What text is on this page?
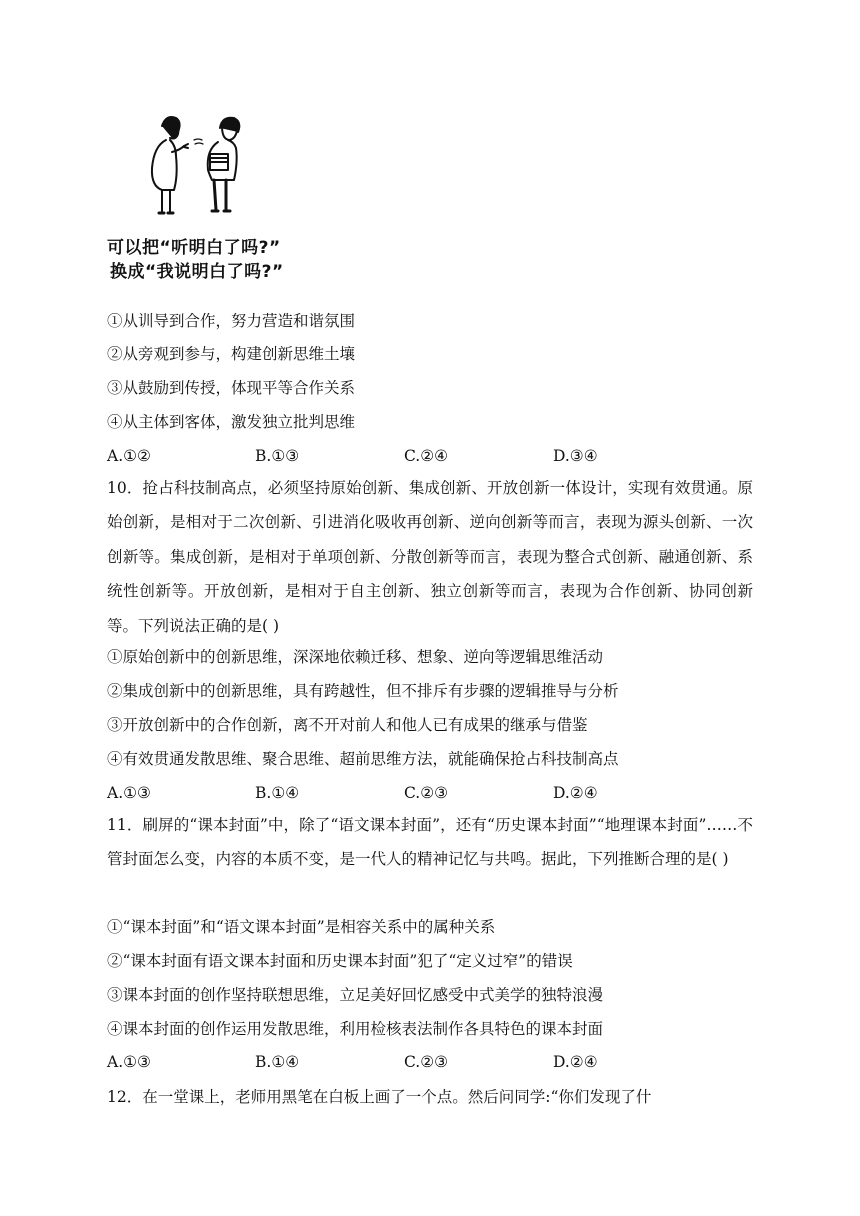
可以把“听明白了吗?”
换成“我说明白了吗?”
①从训导到合作，努力营造和谐氛围
②从旁观到参与，构建创新思维土壤
③从鼓励到传授，体现平等合作关系
④从主体到客体，激发独立批判思维
A.①②	B.①③	C.②④	D.③④
10．抢占科技制高点，必须坚持原始创新、集成创新、开放创新一体设计，实现有效贯通。原始创新，是相对于二次创新、引进消化吸收再创新、逆向创新等而言，表现为源头创新、一次创新等。集成创新，是相对于单项创新、分散创新等而言，表现为整合式创新、融通创新、系统性创新等。开放创新，是相对于自主创新、独立创新等而言，表现为合作创新、协同创新等。下列说法正确的是( )
①原始创新中的创新思维，深深地依赖迁移、想象、逆向等逻辑思维活动
②集成创新中的创新思维，具有跨越性，但不排斥有步骤的逻辑推导与分析
③开放创新中的合作创新，离不开对前人和他人已有成果的继承与借鉴
④有效贯通发散思维、聚合思维、超前思维方法，就能确保抢占科技制高点
A.①③	B.①④	C.②③	D.②④
11．刷屏的“课本封面”中，除了“语文课本封面”，还有“历史课本封面”“地理课本封面”……不管封面怎么变，内容的本质不变，是一代人的精神记忆与共鸣。据此，下列推断合理的是( )
①“课本封面”和“语文课本封面”是相容关系中的属种关系
②“课本封面有语文课本封面和历史课本封面”犯了“定义过窄”的错误
③课本封面的创作坚持联想思维，立足美好回忆感受中式美学的独特浪漫
④课本封面的创作运用发散思维，利用检核表法制作各具特色的课本封面
A.①③	B.①④	C.②③	D.②④
12．在一堂课上，老师用黑笔在白板上画了一个点。然后问同学:“你们发现了什
